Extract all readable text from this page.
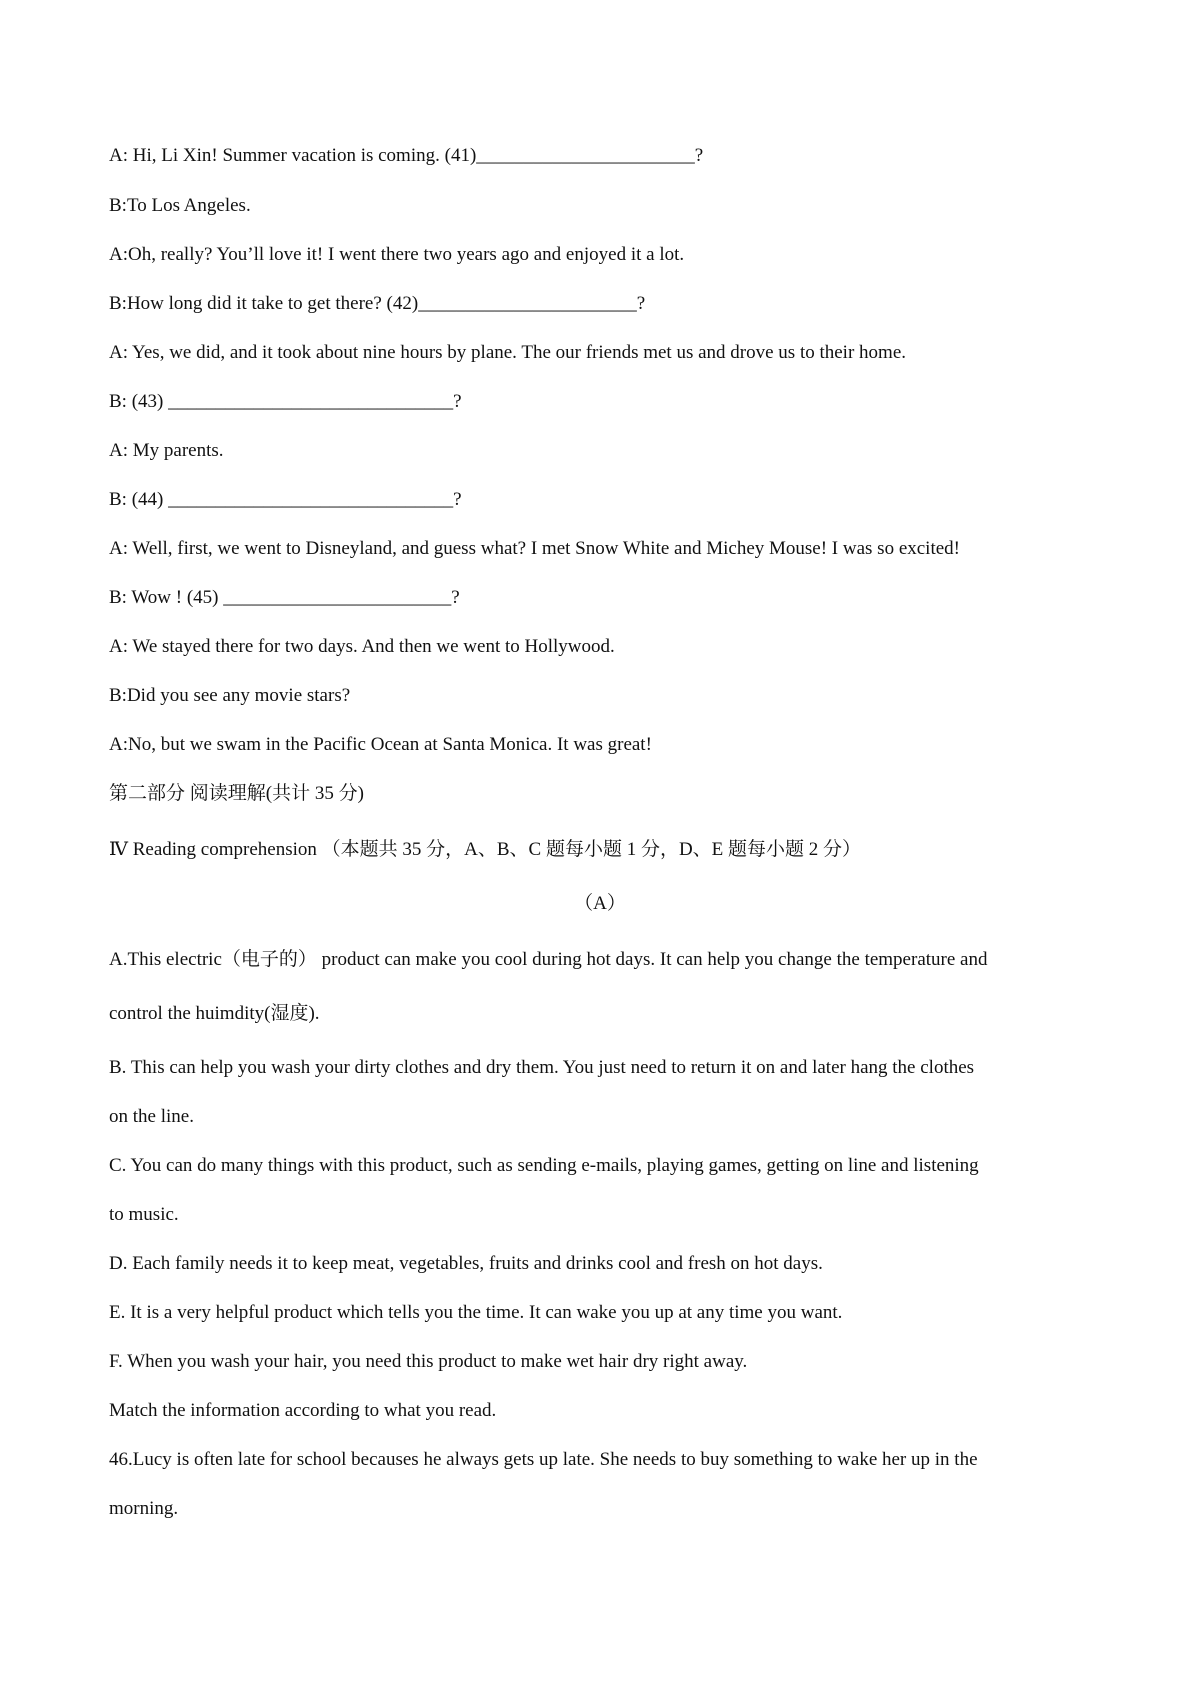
A: Hi, Li Xin! Summer vacation is coming. (41)_______________________?
B:To Los Angeles.
A:Oh, really? You’ll love it! I went there two years ago and enjoyed it a lot.
B:How long did it take to get there? (42)_______________________?
A: Yes, we did, and it took about nine hours by plane. The our friends met us and drove us to their home.
B: (43) ______________________________?
A: My parents.
B: (44) ______________________________?
A: Well, first, we went to Disneyland, and guess what? I met Snow White and Michey Mouse! I was so excited!
B: Wow ! (45) ________________________?
A: We stayed there for two days. And then we went to Hollywood.
B:Did you see any movie stars?
A:No, but we swam in the Pacific Ocean at Santa Monica. It was great!
第二部分 阅读理解(共计 35 分)
Ⅳ Reading comprehension （本题共 35 分，A、B、C 题每小题 1 分，D、E 题每小题 2 分）
（A）
A.This electric（电子的） product can make you cool during hot days. It can help you change the temperature and
control the huimdity(湿度).
B. This can help you wash your dirty clothes and dry them. You just need to return it on and later hang the clothes
on the line.
C. You can do many things with this product, such as sending e-mails, playing games, getting on line and listening
to music.
D. Each family needs it to keep meat, vegetables, fruits and drinks cool and fresh on hot days.
E. It is a very helpful product which tells you the time. It can wake you up at any time you want.
F. When you wash your hair, you need this product to make wet hair dry right away.
Match the information according to what you read.
46.Lucy is often late for school becauses he always gets up late. She needs to buy something to wake her up in the
morning.
